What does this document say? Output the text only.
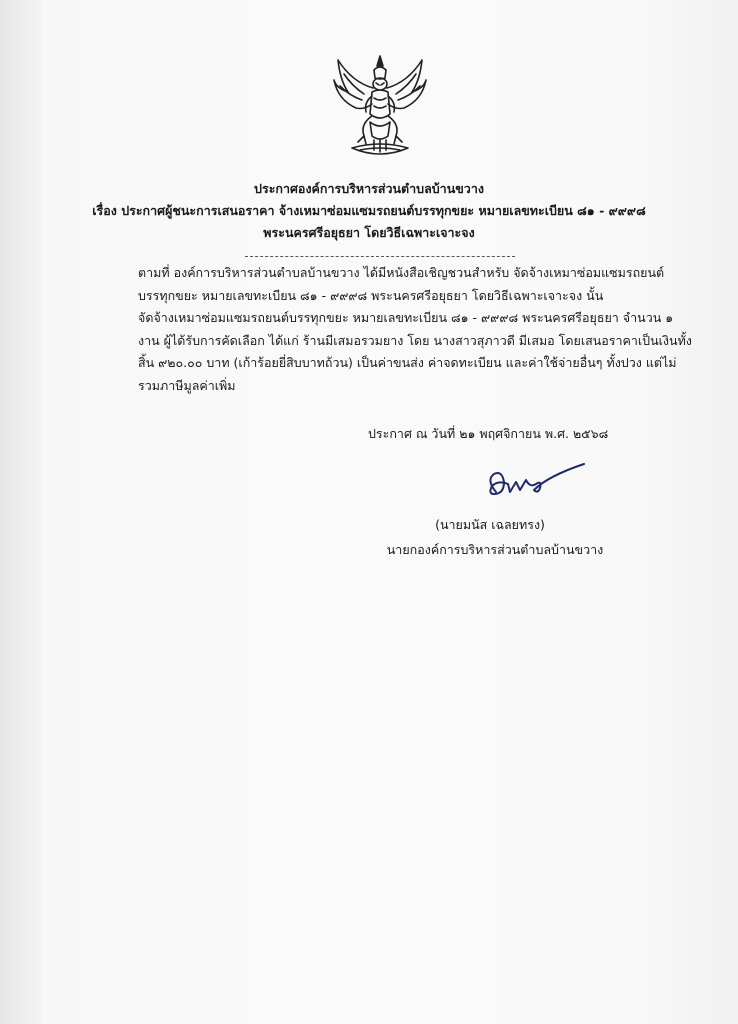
ประกาศองค์การบริหารส่วนตำบลบ้านขวาง
เรื่อง ประกาศผู้ชนะการเสนอราคา จ้างเหมาซ่อมแซมรถยนต์บรรทุกขยะ หมายเลขทะเบียน ๘๑ - ๙๙๙๘
พระนครศรีอยุธยา โดยวิธีเฉพาะเจาะจง

ตามที่ องค์การบริหารส่วนตำบลบ้านขวาง ได้มีหนังสือเชิญชวนสำหรับ จัดจ้างเหมาซ่อมแซมรถยนต์บรรทุกขยะ หมายเลขทะเบียน ๘๑ - ๙๙๙๘ พระนครศรีอยุธยา โดยวิธีเฉพาะเจาะจง นั้น

จัดจ้างเหมาซ่อมแซมรถยนต์บรรทุกขยะ หมายเลขทะเบียน ๘๑ - ๙๙๙๘ พระนครศรีอยุธยา จำนวน ๑ งาน ผู้ได้รับการคัดเลือก ได้แก่ ร้านมีเสมอรวมยาง โดย นางสาวสุภาวดี มีเสมอ โดยเสนอราคาเป็นเงินทั้งสิ้น ๙๒๐.๐๐ บาท (เก้าร้อยยี่สิบบาทถ้วน) เป็นค่าขนส่ง ค่าจดทะเบียน และค่าใช้จ่ายอื่นๆ ทั้งปวง แต่ไม่รวมภาษีมูลค่าเพิ่ม

ประกาศ ณ วันที่ ๒๑ พฤศจิกายน พ.ศ. ๒๕๖๘
(นายมนัส เฉลยทรง)
นายกองค์การบริหารส่วนตำบลบ้านขวาง
